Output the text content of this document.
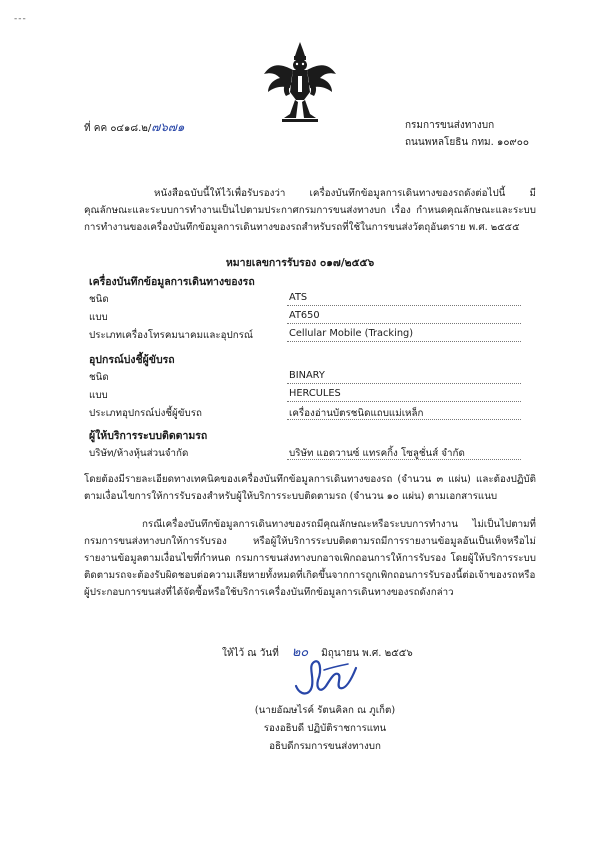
---
ที่ คค ๐๔๑๘.๒/๗๖๗๑	กรมการขนส่งทางบก
ถนนพหลโยธิน กทม. ๑๐๙๐๐
หนังสือฉบับนี้ให้ไว้เพื่อรับรองว่า เครื่องบันทึกข้อมูลการเดินทางของรถดังต่อไปนี้ มีคุณลักษณะและระบบการทำงานเป็นไปตามประกาศกรมการขนส่งทางบก เรื่อง กำหนดคุณลักษณะและระบบการทำงานของเครื่องบันทึกข้อมูลการเดินทางของรถสำหรับรถที่ใช้ในการขนส่งวัตถุอันตราย พ.ศ. ๒๕๕๕
หมายเลขการรับรอง ๐๑๗/๒๕๕๖
เครื่องบันทึกข้อมูลการเดินทางของรถ
ชนิด	ATS
แบบ	AT650
ประเภทเครื่องโทรคมนาคมและอุปกรณ์	Cellular Mobile (Tracking)
อุปกรณ์บ่งชี้ผู้ขับรถ
ชนิด	BINARY
แบบ	HERCULES
ประเภทอุปกรณ์บ่งชี้ผู้ขับรถ	เครื่องอ่านบัตรชนิดแถบแม่เหล็ก
ผู้ให้บริการระบบติดตามรถ
บริษัท/ห้างหุ้นส่วนจำกัด	บริษัท แอดวานซ์ แทรคกิ้ง โซลูชั่นส์ จำกัด
โดยต้องมีรายละเอียดทางเทคนิคของเครื่องบันทึกข้อมูลการเดินทางของรถ (จำนวน ๓ แผ่น) และต้องปฏิบัติตามเงื่อนไขการให้การรับรองสำหรับผู้ให้บริการระบบติดตามรถ (จำนวน ๑๐ แผ่น) ตามเอกสารแนบ
กรณีเครื่องบันทึกข้อมูลการเดินทางของรถมีคุณลักษณะหรือระบบการทำงาน ไม่เป็นไปตามที่กรมการขนส่งทางบกให้การรับรอง หรือผู้ให้บริการระบบติดตามรถมีการรายงานข้อมูลอันเป็นเท็จหรือไม่รายงานข้อมูลตามเงื่อนไขที่กำหนด กรมการขนส่งทางบกอาจเพิกถอนการให้การรับรอง โดยผู้ให้บริการระบบติดตามรถจะต้องรับผิดชอบต่อความเสียหายทั้งหมดที่เกิดขึ้นจากการถูกเพิกถอนการรับรองนี้ต่อเจ้าของรถหรือผู้ประกอบการขนส่งที่ได้จัดซื้อหรือใช้บริการเครื่องบันทึกข้อมูลการเดินทางของรถดังกล่าว
ให้ไว้ ณ วันที่ ๒๐ มิถุนายน พ.ศ. ๒๕๕๖
(นายอัฌษไรค์ รัตนคิลก ณ ภูเก็ต)
รองอธิบดี ปฏิบัติราชการแทน
อธิบดีกรมการขนส่งทางบก
